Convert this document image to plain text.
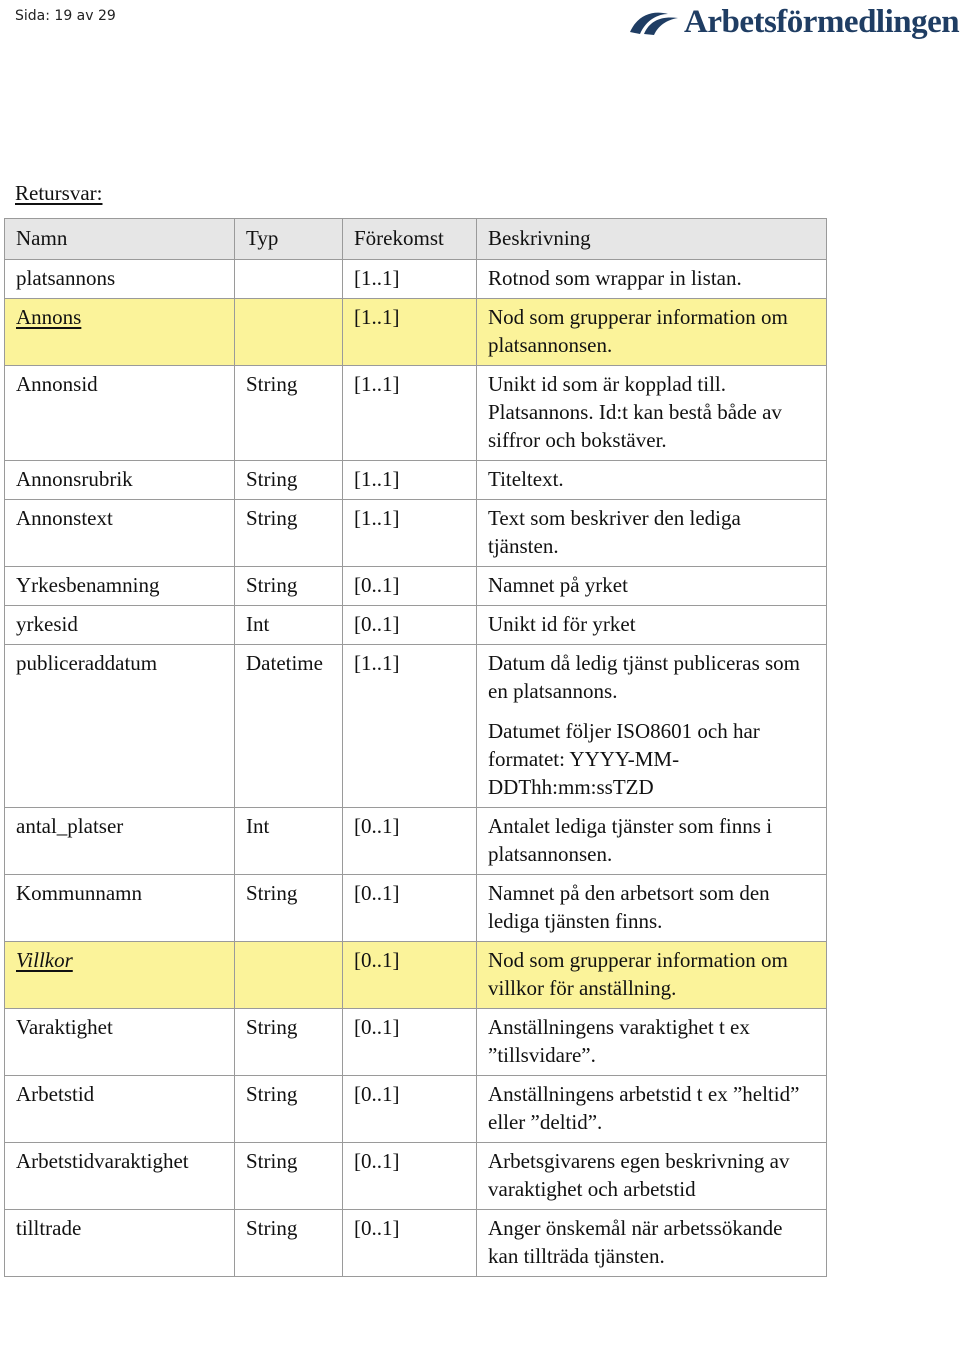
Sida: 19 av 29	Arbetsförmedlingen
Retursvar:
Namn	Typ	Förekomst	Beskrivning
platsannons		[1..1]	Rotnod som wrappar in listan.
Annons		[1..1]	Nod som grupperar information om platsannonsen.
Annonsid	String	[1..1]	Unikt id som är kopplad till. Platsannons. Id:t kan bestå både av siffror och bokstäver.
Annonsrubrik	String	[1..1]	Titeltext.
Annonstext	String	[1..1]	Text som beskriver den lediga tjänsten.
Yrkesbenamning	String	[0..1]	Namnet på yrket
yrkesid	Int	[0..1]	Unikt id för yrket
publiceraddatum	Datetime	[1..1]	Datum då ledig tjänst publiceras som en platsannons.
Datumet följer ISO8601 och har formatet: YYYY-MM-DDThh:mm:ssTZD

antal_platser	Int	[0..1]	Antalet lediga tjänster som finns i platsannonsen.
Kommunnamn	String	[0..1]	Namnet på den arbetsort som den lediga tjänsten finns.
Villkor		[0..1]	Nod som grupperar information om villkor för anställning.
Varaktighet	String	[0..1]	Anställningens varaktighet t ex ”tillsvidare”.
Arbetstid	String	[0..1]	Anställningens arbetstid t ex ”heltid” eller ”deltid”.
Arbetstidvaraktighet	String	[0..1]	Arbetsgivarens egen beskrivning av varaktighet och arbetstid
tilltrade	String	[0..1]	Anger önskemål när arbetssökande kan tillträda tjänsten.
